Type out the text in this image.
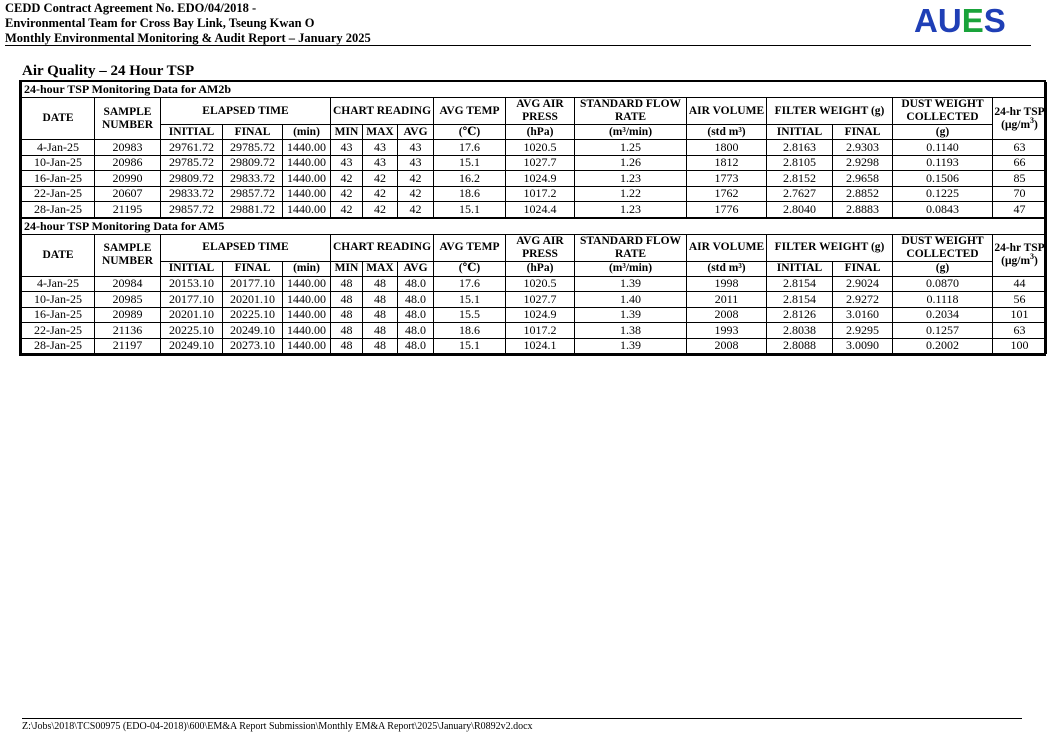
CEDD Contract Agreement No. EDO/04/2018 -
Environmental Team for Cross Bay Link, Tseung Kwan O
Monthly Environmental Monitoring & Audit Report – January 2025	AUES
Air Quality – 24 Hour TSP
24-hour TSP Monitoring Data for AM2b															
DATE	SAMPLE NUMBER	ELAPSED TIME			CHART READING			AVG TEMP	AVG AIR PRESS	STANDARD FLOW RATE	AIR VOLUME	FILTER WEIGHT (g)		DUST WEIGHT COLLECTED	24-hr TSP
$(\mu g/m^3)$
		INITIAL	FINAL	(min)	MIN	MAX	AVG	(℃)	(hPa)	(m³/min)	(std m³)	INITIAL	FINAL	(g)	
4-Jan-25	20983	29761.72	29785.72	1440.00	43	43	43	17.6	1020.5	1.25	1800	2.8163	2.9303	0.1140	63
10-Jan-25	20986	29785.72	29809.72	1440.00	43	43	43	15.1	1027.7	1.26	1812	2.8105	2.9298	0.1193	66
16-Jan-25	20990	29809.72	29833.72	1440.00	42	42	42	16.2	1024.9	1.23	1773	2.8152	2.9658	0.1506	85
22-Jan-25	20607	29833.72	29857.72	1440.00	42	42	42	18.6	1017.2	1.22	1762	2.7627	2.8852	0.1225	70
28-Jan-25	21195	29857.72	29881.72	1440.00	42	42	42	15.1	1024.4	1.23	1776	2.8040	2.8883	0.0843	47
24-hour TSP Monitoring Data for AM5															
DATE	SAMPLE NUMBER	ELAPSED TIME			CHART READING			AVG TEMP	AVG AIR PRESS	STANDARD FLOW RATE	AIR VOLUME	FILTER WEIGHT (g)		DUST WEIGHT COLLECTED	24-hr TSP
$(\mu g/m^3)$
		INITIAL	FINAL	(min)	MIN	MAX	AVG	(℃)	(hPa)	(m³/min)	(std m³)	INITIAL	FINAL	(g)	
4-Jan-25	20984	20153.10	20177.10	1440.00	48	48	48.0	17.6	1020.5	1.39	1998	2.8154	2.9024	0.0870	44
10-Jan-25	20985	20177.10	20201.10	1440.00	48	48	48.0	15.1	1027.7	1.40	2011	2.8154	2.9272	0.1118	56
16-Jan-25	20989	20201.10	20225.10	1440.00	48	48	48.0	15.5	1024.9	1.39	2008	2.8126	3.0160	0.2034	101
22-Jan-25	21136	20225.10	20249.10	1440.00	48	48	48.0	18.6	1017.2	1.38	1993	2.8038	2.9295	0.1257	63
28-Jan-25	21197	20249.10	20273.10	1440.00	48	48	48.0	15.1	1024.1	1.39	2008	2.8088	3.0090	0.2002	100
Z:\Jobs\2018\TCS00975 (EDO-04-2018)\600\EM&A Report Submission\Monthly EM&A Report\2025\January\R0892v2.docx
